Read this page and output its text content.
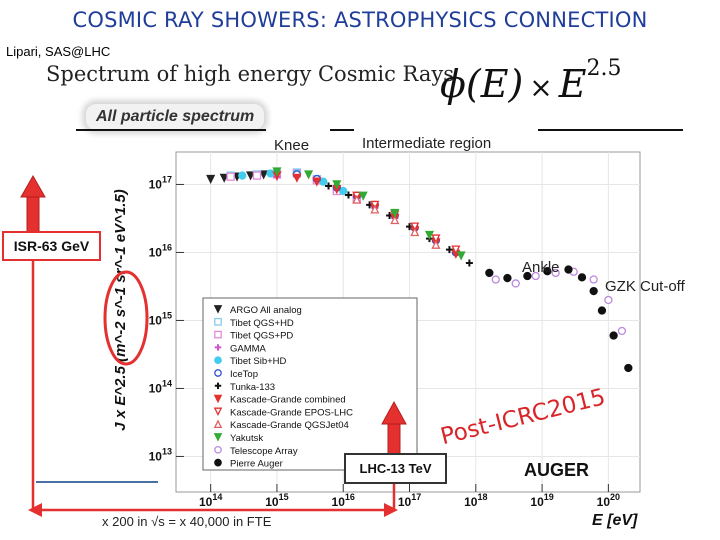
COSMIC RAY SHOWERS: ASTROPHYSICS CONNECTION
Lipari, SAS@LHC
Spectrum of high energy Cosmic Rays
$\phi(E) \times E^{2.5}$
All particle spectrum
$10^{13}$
$10^{14}$
$10^{15}$
$10^{16}$
$10^{17}$
$10^{14}$	$10^{15}$	$10^{16}$	$10^{17}$	$10^{18}$	$10^{19}$	$10^{20}$
J x E^2.5 (m^-2 s^-1 sr^-1 eV^1.5)
E [eV]
ARGO All analog
Tibet QGS+HD
Tibet QGS+PD
GAMMA
Tibet Sib+HD
IceTop
Tunka-133
Kascade-Grande combined
Kascade-Grande EPOS-LHC
Kascade-Grande QGSJet04
Yakutsk
Telescope Array
Pierre Auger
Knee	Intermediate region
Ankle
GZK Cut-off
Post-ICRC2015
ISR-63 GeV
LHC-13 TeV	AUGER
x 200 in √s = x 40,000 in FTE
